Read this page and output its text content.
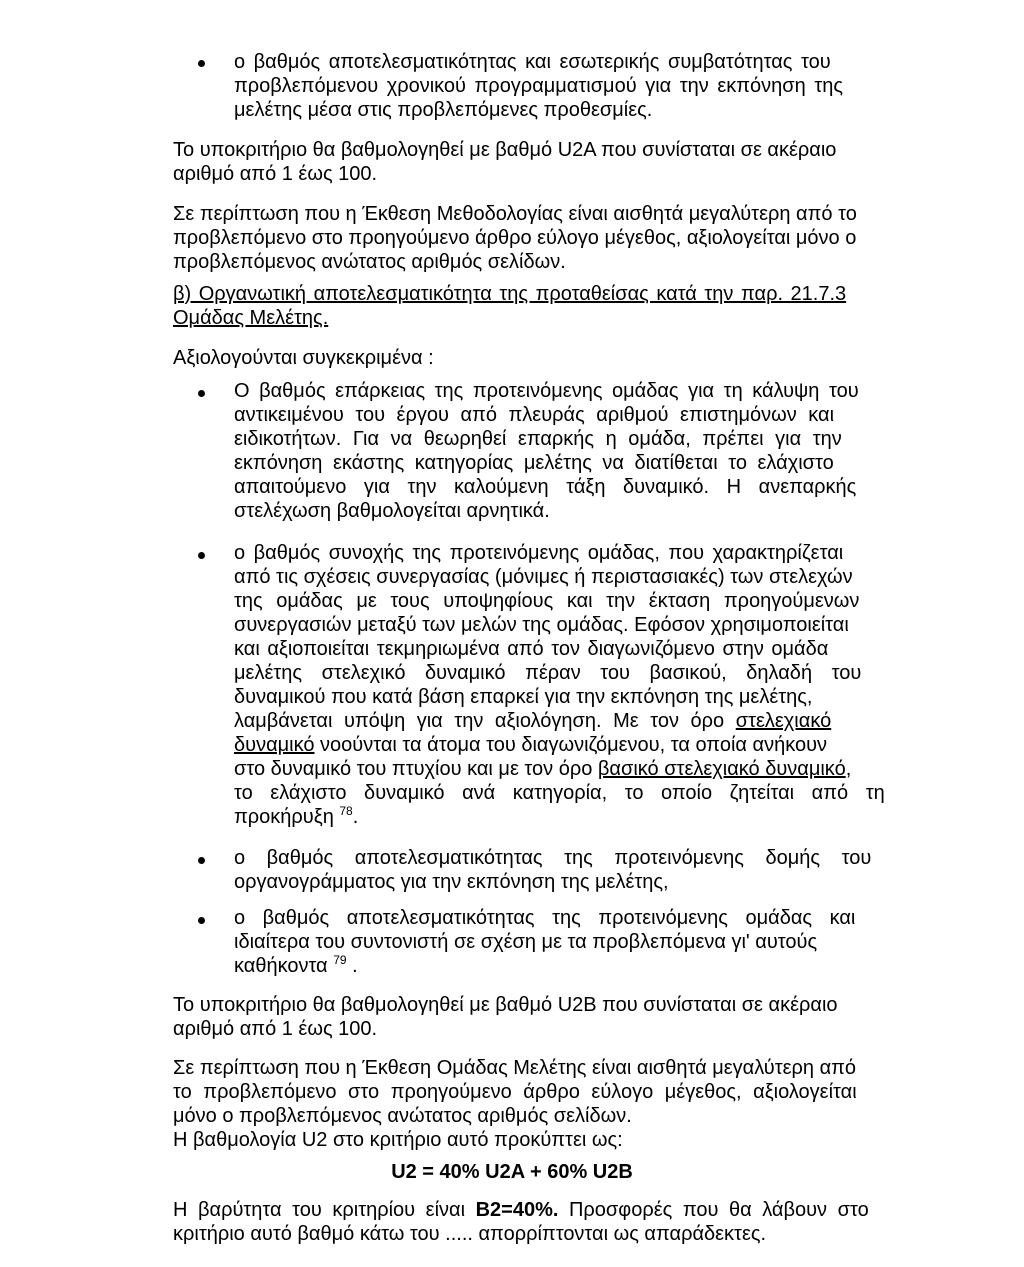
ο βαθμός αποτελεσματικότητας και εσωτερικής συμβατότητας του

προβλεπόμενου χρονικού προγραμματισμού για την εκπόνηση της

μελέτης μέσα στις προβλεπόμενες προθεσμίες.

Το υποκριτήριο θα βαθμολογηθεί με βαθμό U2A που συνίσταται σε ακέραιο

αριθμό από 1 έως 100.

Σε περίπτωση που η Έκθεση Μεθοδολογίας είναι αισθητά μεγαλύτερη από το

προβλεπόμενο στο προηγούμενο άρθρο εύλογο μέγεθος, αξιολογείται μόνο ο

προβλεπόμενος ανώτατος αριθμός σελίδων.

β) Οργανωτική αποτελεσματικότητα της προταθείσας κατά την παρ. 21.7.3

Ομάδας Μελέτης.

Αξιολογούνται συγκεκριμένα :

Ο βαθμός επάρκειας της προτεινόμενης ομάδας για τη κάλυψη του

αντικειμένου του έργου από πλευράς αριθμού επιστημόνων και

ειδικοτήτων. Για να θεωρηθεί επαρκής η ομάδα, πρέπει για την

εκπόνηση εκάστης κατηγορίας μελέτης να διατίθεται το ελάχιστο

απαιτούμενο για την καλούμενη τάξη δυναμικό. Η ανεπαρκής

στελέχωση βαθμολογείται αρνητικά.

ο βαθμός συνοχής της προτεινόμενης ομάδας, που χαρακτηρίζεται

από τις σχέσεις συνεργασίας (μόνιμες ή περιστασιακές) των στελεχών

της ομάδας με τους υποψηφίους και την έκταση προηγούμενων

συνεργασιών μεταξύ των μελών της ομάδας. Εφόσον χρησιμοποιείται

και αξιοποιείται τεκμηριωμένα από τον διαγωνιζόμενο στην ομάδα

μελέτης στελεχικό δυναμικό πέραν του βασικού, δηλαδή του

δυναμικού που κατά βάση επαρκεί για την εκπόνηση της μελέτης,

λαμβάνεται υπόψη για την αξιολόγηση. Με τον όρο στελεχιακό

δυναμικό νοούνται τα άτομα του διαγωνιζόμενου, τα οποία ανήκουν

στο δυναμικό του πτυχίου και με τον όρο βασικό στελεχιακό δυναμικό,

το ελάχιστο δυναμικό ανά κατηγορία, το οποίο ζητείται από τη

προκήρυξη $^{78}$.

ο βαθμός αποτελεσματικότητας της προτεινόμενης δομής του

οργανογράμματος για την εκπόνηση της μελέτης,

ο βαθμός αποτελεσματικότητας της προτεινόμενης ομάδας και

ιδιαίτερα του συντονιστή σε σχέση με τα προβλεπόμενα γι' αυτούς

καθήκοντα $^{79}$ .

Το υποκριτήριο θα βαθμολογηθεί με βαθμό U2B που συνίσταται σε ακέραιο

αριθμό από 1 έως 100.

Σε περίπτωση που η Έκθεση Ομάδας Μελέτης είναι αισθητά μεγαλύτερη από

το προβλεπόμενο στο προηγούμενο άρθρο εύλογο μέγεθος, αξιολογείται

μόνο ο προβλεπόμενος ανώτατος αριθμός σελίδων.

Η βαθμολογία U2 στο κριτήριο αυτό προκύπτει ως:

U2 = 40% U2A + 60% U2B

Η βαρύτητα του κριτηρίου είναι Β2=40%. Προσφορές που θα λάβουν στο

κριτήριο αυτό βαθμό κάτω του ..... απορρίπτονται ως απαράδεκτες.
